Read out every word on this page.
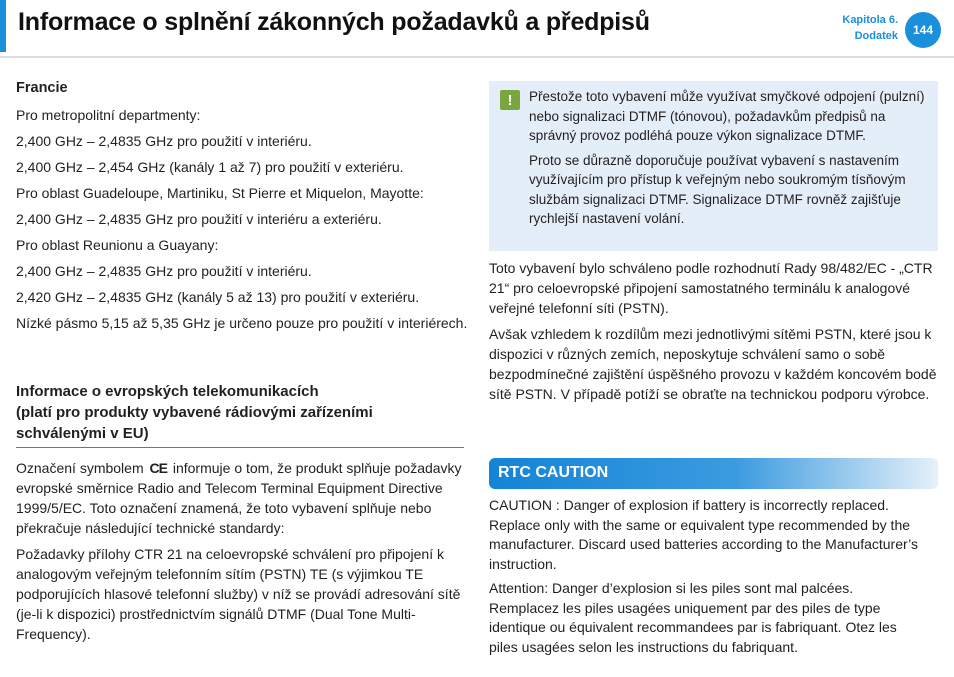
Informace o splnění zákonných požadavků a předpisů	Kapitola 6.
Dodatek	144

Francie

Pro metropolitní departmenty:

2,400 GHz – 2,4835 GHz pro použití v interiéru.

2,400 GHz – 2,454 GHz (kanály 1 až 7) pro použití v exteriéru.

Pro oblast Guadeloupe, Martiniku, St Pierre et Miquelon, Mayotte:

2,400 GHz – 2,4835 GHz pro použití v interiéru a exteriéru.

Pro oblast Reunionu a Guayany:

2,400 GHz – 2,4835 GHz pro použití v interiéru.

2,420 GHz – 2,4835 GHz (kanály 5 až 13) pro použití v exteriéru.

Nízké pásmo 5,15 až 5,35 GHz je určeno pouze pro použití v interiérech.

Informace o evropských telekomunikacích
(platí pro produkty vybavené rádiovými zařízeními schválenými v EU)

Označení symbolem CE informuje o tom, že produkt splňuje požadavky evropské směrnice Radio and Telecom Terminal Equipment Directive 1999/5/EC. Toto označení znamená, že toto vybavení splňuje nebo překračuje následující technické standardy:

Požadavky přílohy CTR 21 na celoevropské schválení pro připojení k analogovým veřejným telefonním sítím (PSTN) TE (s výjimkou TE podporujících hlasové telefonní služby) v níž se provádí adresování sítě (je-li k dispozici) prostřednictvím signálů DTMF (Dual Tone Multi-Frequency).

!	Přestože toto vybavení může využívat smyčkové odpojení (pulzní) nebo signalizaci DTMF (tónovou), požadavkům předpisů na správný provoz podléhá pouze výkon signalizace DTMF.

Proto se důrazně doporučuje používat vybavení s nastavením využívajícím pro přístup k veřejným nebo soukromým tísňovým službám signalizaci DTMF. Signalizace DTMF rovněž zajišťuje rychlejší nastavení volání.

Toto vybavení bylo schváleno podle rozhodnutí Rady 98/482/EC - „CTR 21“ pro celoevropské připojení samostatného terminálu k analogové veřejné telefonní síti (PSTN).

Avšak vzhledem k rozdílům mezi jednotlivými sítěmi PSTN, které jsou k dispozici v různých zemích, neposkytuje schválení samo o sobě bezpodmínečné zajištění úspěšného provozu v každém koncovém bodě sítě PSTN. V případě potíží se obraťte na technickou podporu výrobce.

RTC CAUTION

CAUTION : Danger of explosion if battery is incorrectly replaced. Replace only with the same or equivalent type recommended by the manufacturer. Discard used batteries according to the Manufacturer’s instruction.

Attention: Danger d’explosion si les piles sont mal palcées. Remplacez les piles usagées uniquement par des piles de type identique ou équivalent recommandees par is fabriquant. Otez les piles usagées selon les instructions du fabriquant.
